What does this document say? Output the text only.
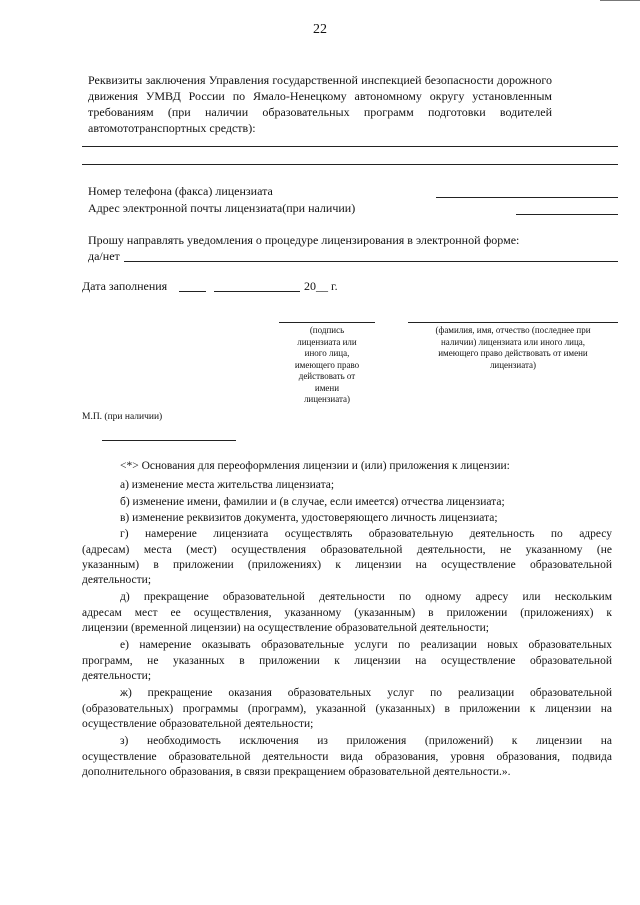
22
Реквизиты заключения Управления государственной инспекцией безопасности дорожного
движения УМВД России по Ямало-Ненецкому автономному округу установленным
требованиям (при наличии образовательных программ подготовки водителей
автомототранспортных средств):
Номер телефона (факса) лицензиата
Адрес электронной почты лицензиата(при наличии)
Прошу направлять уведомления о процедуре лицензирования в электронной форме:
да/нет
Дата заполнения	20__ г.
(подпись
лицензиата или
иного лица,
имеющего право
действовать от
имени
лицензиата)
(фамилия, имя, отчество (последнее при
наличии) лицензиата или иного лица,
имеющего право действовать от имени
лицензиата)
М.П. (при наличии)
<*> Основания для переоформления лицензии и (или) приложения к лицензии:
а) изменение места жительства лицензиата;
б) изменение имени, фамилии и (в случае, если имеется) отчества лицензиата;
в) изменение реквизитов документа, удостоверяющего личность лицензиата;
г) намерение лицензиата осуществлять образовательную деятельность по адресу
(адресам) места (мест) осуществления образовательной деятельности, не указанному (не
указанным) в приложении (приложениях) к лицензии на осуществление образовательной
деятельности;
д) прекращение образовательной деятельности по одному адресу или нескольким
адресам мест ее осуществления, указанному (указанным) в приложении (приложениях) к
лицензии (временной лицензии) на осуществление образовательной деятельности;
е) намерение оказывать образовательные услуги по реализации новых образовательных
программ, не указанных в приложении к лицензии на осуществление образовательной
деятельности;
ж) прекращение оказания образовательных услуг по реализации образовательной
(образовательных) программы (программ), указанной (указанных) в приложении к лицензии на
осуществление образовательной деятельности;
з) необходимость исключения из приложения (приложений) к лицензии на
осуществление образовательной деятельности вида образования, уровня образования, подвида
дополнительного образования, в связи прекращением образовательной деятельности.».
